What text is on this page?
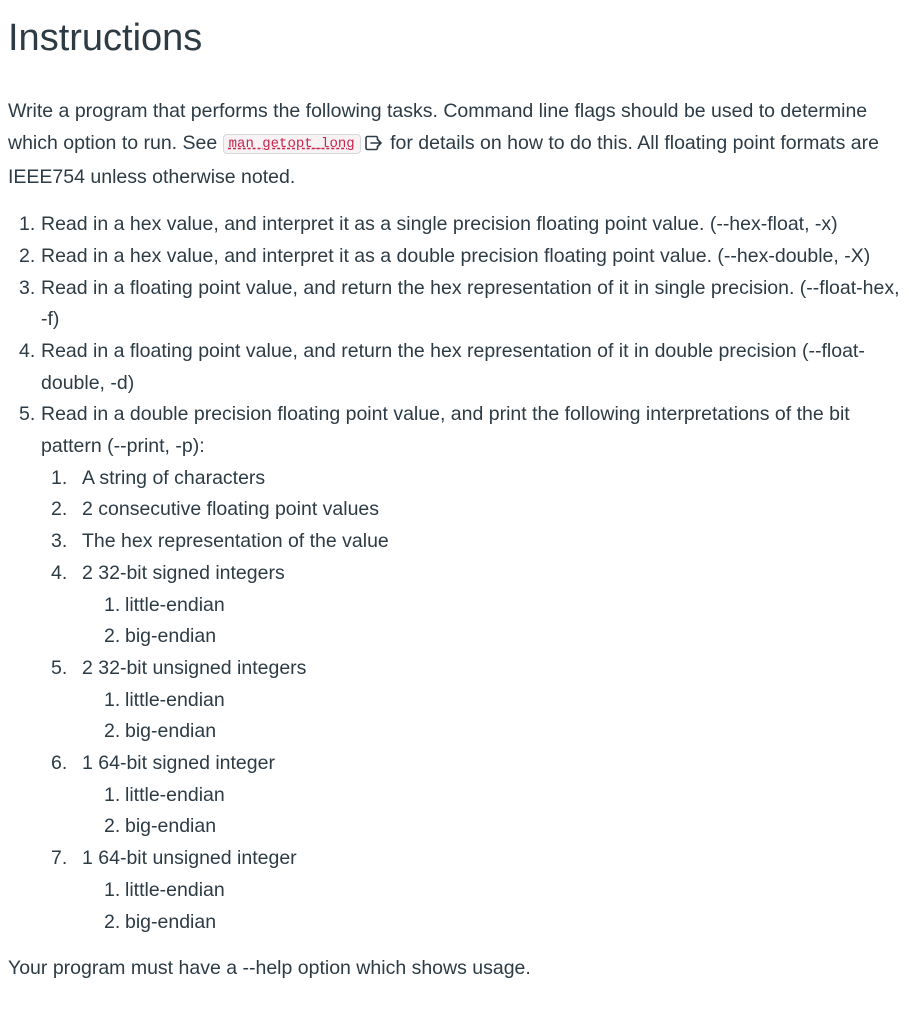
Instructions

Write a program that performs the following tasks. Command line flags should be used to determine which option to run. See man getopt_long for details on how to do this. All floating point formats are IEEE754 unless otherwise noted.

1. Read in a hex value, and interpret it as a single precision floating point value. (--hex-float, -x)
2. Read in a hex value, and interpret it as a double precision floating point value. (--hex-double, -X)
3. Read in a floating point value, and return the hex representation of it in single precision. (--float-hex, -f)
4. Read in a floating point value, and return the hex representation of it in double precision (--float-double, -d)
5. Read in a double precision floating point value, and print the following interpretations of the bit pattern (--print, -p):
1. A string of characters
2. 2 consecutive floating point values
3. The hex representation of the value
4. 2 32-bit signed integers
1. little-endian
2. big-endian
5. 2 32-bit unsigned integers
1. little-endian
2. big-endian
6. 1 64-bit signed integer
1. little-endian
2. big-endian
7. 1 64-bit unsigned integer
1. little-endian
2. big-endian

Your program must have a --help option which shows usage.
